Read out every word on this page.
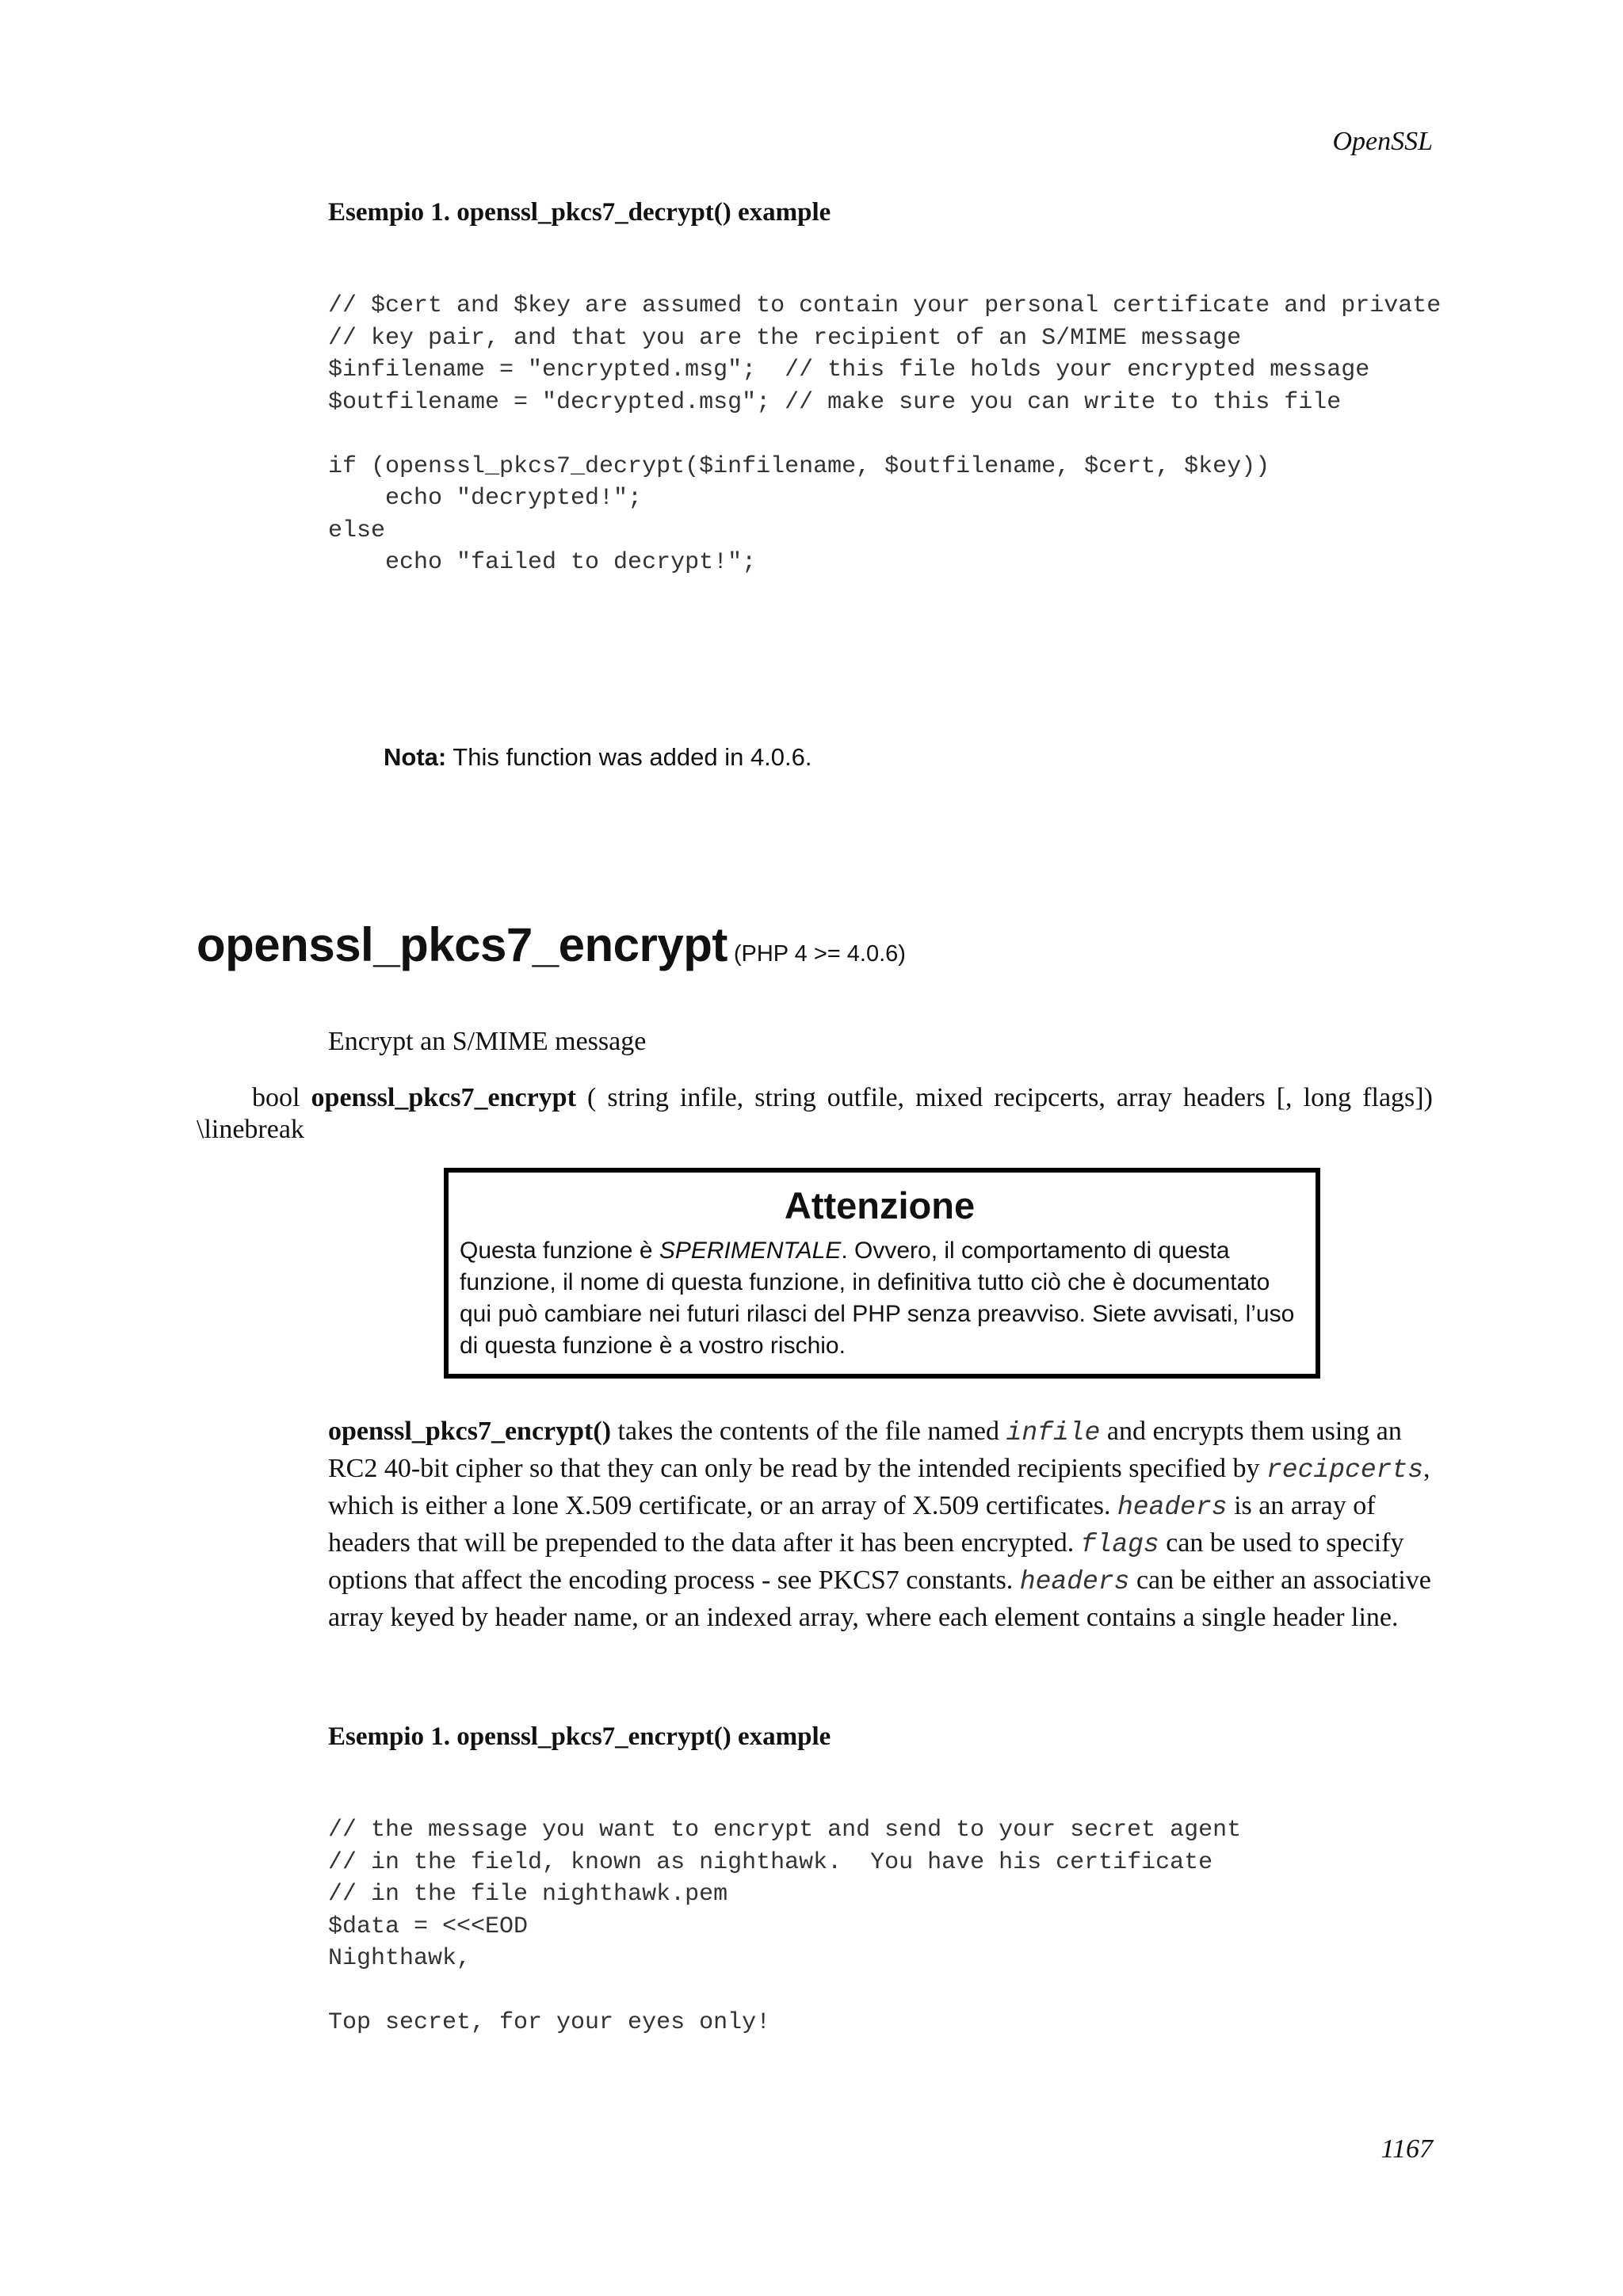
OpenSSL
Esempio 1. openssl_pkcs7_decrypt() example
// $cert and $key are assumed to contain your personal certificate and private
// key pair, and that you are the recipient of an S/MIME message
$infilename = "encrypted.msg";  // this file holds your encrypted message
$outfilename = "decrypted.msg"; // make sure you can write to this file

if (openssl_pkcs7_decrypt($infilename, $outfilename, $cert, $key))
echo "decrypted!";
else
echo "failed to decrypt!";
Nota: This function was added in 4.0.6.
openssl_pkcs7_encrypt (PHP 4 >= 4.0.6)
Encrypt an S/MIME message
bool openssl_pkcs7_encrypt ( string infile, string outfile, mixed recipcerts, array headers [, long flags])
\linebreak
Attenzione
Questa funzione è SPERIMENTALE. Ovvero, il comportamento di questa funzione, il nome di questa funzione, in definitiva tutto ciò che è documentato qui può cambiare nei futuri rilasci del PHP senza preavviso. Siete avvisati, l’uso di questa funzione è a vostro rischio.
openssl_pkcs7_encrypt() takes the contents of the file named infile and encrypts them using an RC2 40-bit cipher so that they can only be read by the intended recipients specified by recipcerts, which is either a lone X.509 certificate, or an array of X.509 certificates. headers is an array of headers that will be prepended to the data after it has been encrypted. flags can be used to specify options that affect the encoding process - see PKCS7 constants. headers can be either an associative array keyed by header name, or an indexed array, where each element contains a single header line.
Esempio 1. openssl_pkcs7_encrypt() example
// the message you want to encrypt and send to your secret agent
// in the field, known as nighthawk.  You have his certificate
// in the file nighthawk.pem
$data = <<<EOD
Nighthawk,

Top secret, for your eyes only!
1167
